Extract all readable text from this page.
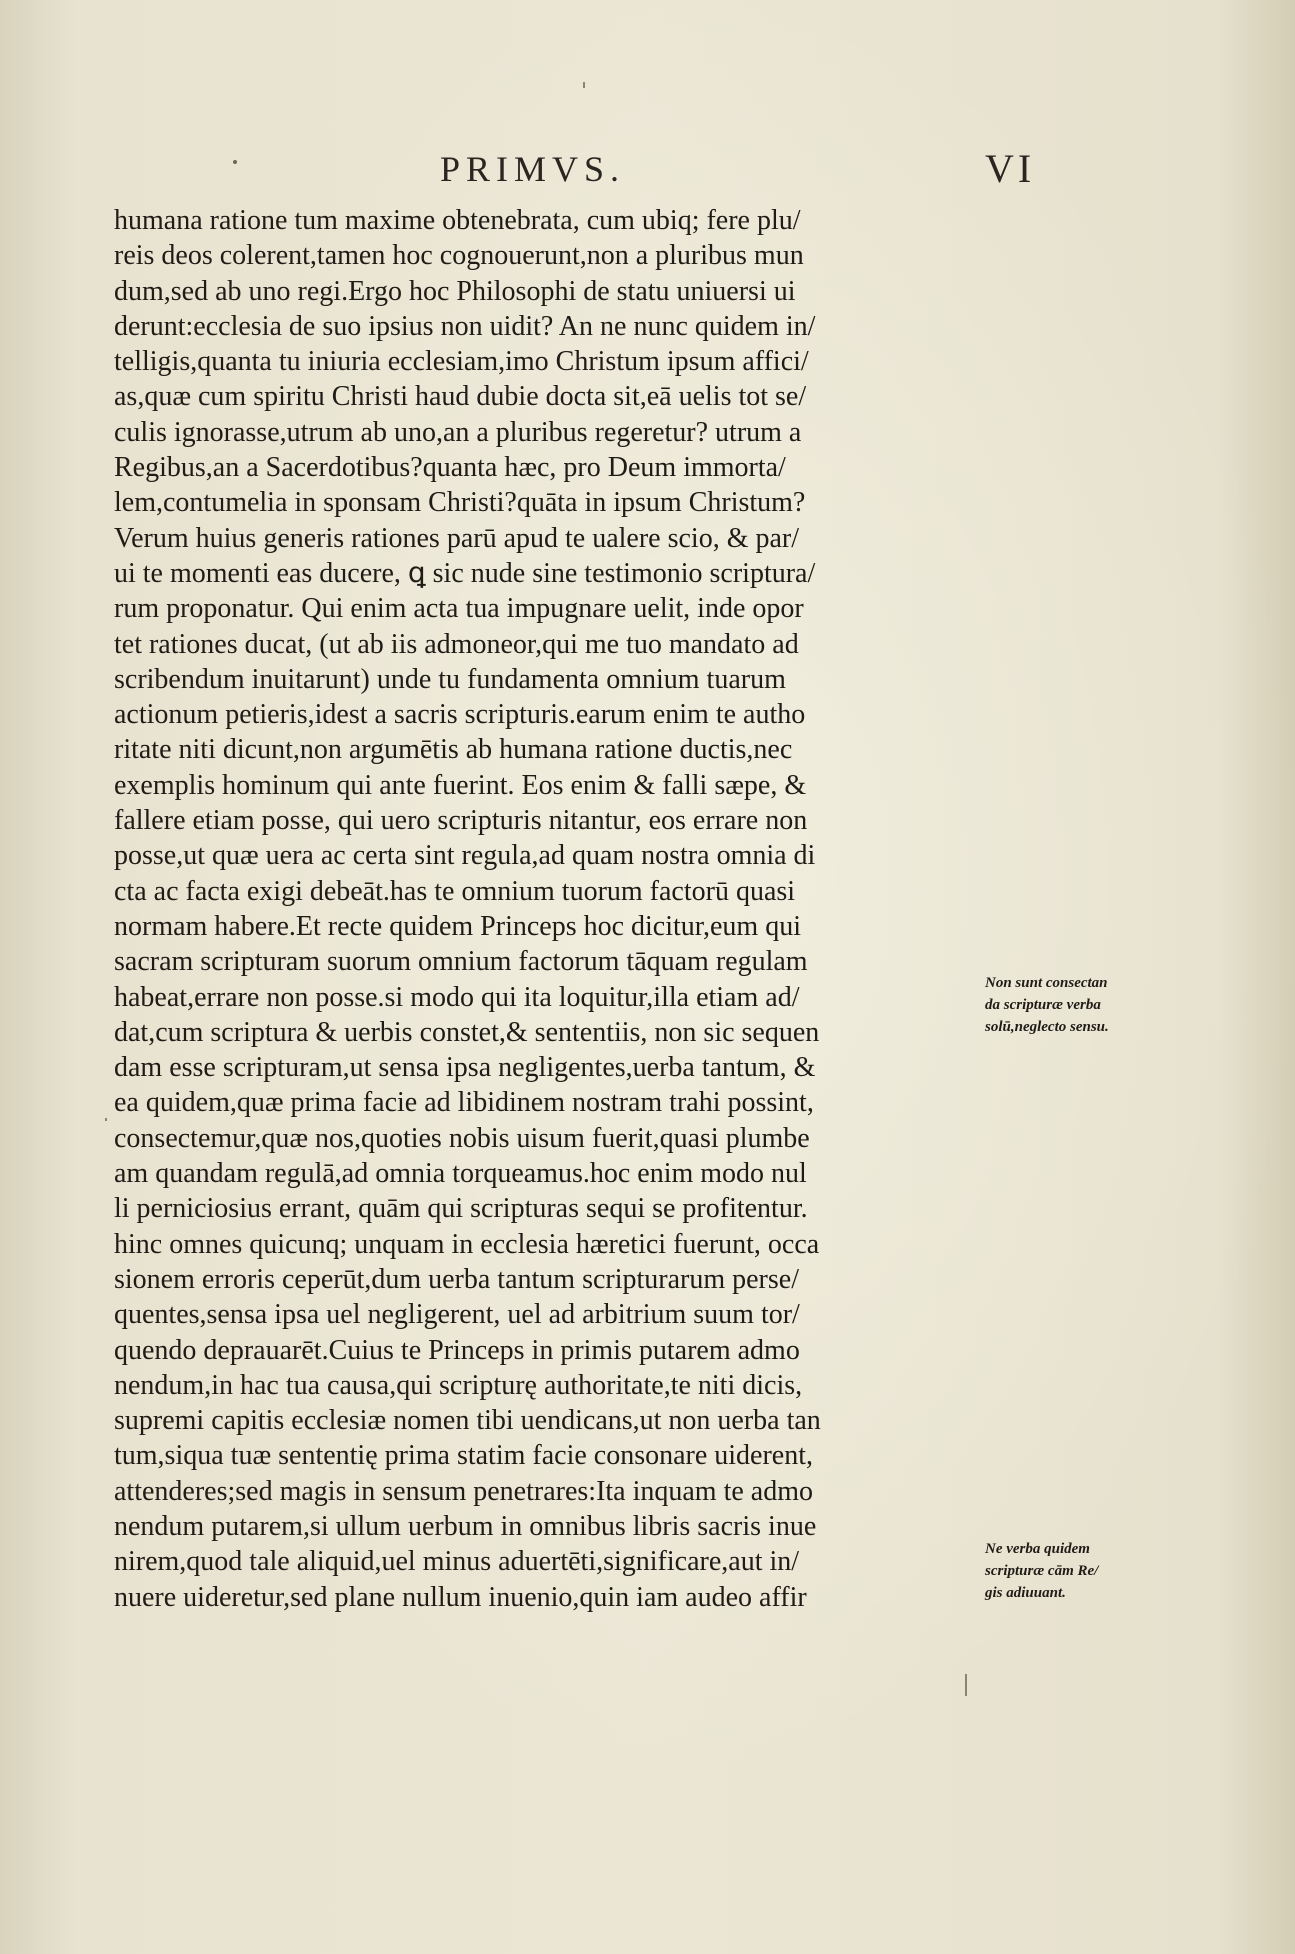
PRIMVS.	VI
humana ratione tum maxime obtenebrata, cum ubiq; fere plu/
reis deos colerent,tamen hoc cognouerunt,non a pluribus mun
dum,sed ab uno regi.Ergo hoc Philosophi de statu uniuersi ui
derunt:ecclesia de suo ipsius non uidit? An ne nunc quidem in/
telligis,quanta tu iniuria ecclesiam,imo Christum ipsum affici/
as,quæ cum spiritu Christi haud dubie docta sit,eā uelis tot se/
culis ignorasse,utrum ab uno,an a pluribus regeretur? utrum a
Regibus,an a Sacerdotibus?quanta hæc, pro Deum immorta/
lem,contumelia in sponsam Christi?quāta in ipsum Christum?
Verum huius generis rationes parū apud te ualere scio, & par/
ui te momenti eas ducere, ꝗ sic nude sine testimonio scriptura/
rum proponatur. Qui enim acta tua impugnare uelit, inde opor
tet rationes ducat, (ut ab iis admoneor,qui me tuo mandato ad
scribendum inuitarunt) unde tu fundamenta omnium tuarum
actionum petieris,idest a sacris scripturis.earum enim te autho
ritate niti dicunt,non argumētis ab humana ratione ductis,nec
exemplis hominum qui ante fuerint. Eos enim & falli sæpe, &
fallere etiam posse, qui uero scripturis nitantur, eos errare non
posse,ut quæ uera ac certa sint regula,ad quam nostra omnia di
cta ac facta exigi debeāt.has te omnium tuorum factorū quasi
normam habere.Et recte quidem Princeps hoc dicitur,eum qui
sacram scripturam suorum omnium factorum tāquam regulam
habeat,errare non posse.si modo qui ita loquitur,illa etiam ad/
dat,cum scriptura & uerbis constet,& sententiis, non sic sequen
dam esse scripturam,ut sensa ipsa negligentes,uerba tantum, &
ea quidem,quæ prima facie ad libidinem nostram trahi possint,
consectemur,quæ nos,quoties nobis uisum fuerit,quasi plumbe
am quandam regulā,ad omnia torqueamus.hoc enim modo nul
li perniciosius errant, quām qui scripturas sequi se profitentur.
hinc omnes quicunq; unquam in ecclesia hæretici fuerunt, occa
sionem erroris ceperūt,dum uerba tantum scripturarum perse/
quentes,sensa ipsa uel negligerent, uel ad arbitrium suum tor/
quendo deprauarēt.Cuius te Princeps in primis putarem admo
nendum,in hac tua causa,qui scripturę authoritate,te niti dicis,
supremi capitis ecclesiæ nomen tibi uendicans,ut non uerba tan
tum,siqua tuæ sententię prima statim facie consonare uiderent,
attenderes;sed magis in sensum penetrares:Ita inquam te admo
nendum putarem,si ullum uerbum in omnibus libris sacris inue
nirem,quod tale aliquid,uel minus aduertēti,significare,aut in/
nuere uideretur,sed plane nullum inuenio,quin iam audeo affir
Non sunt consectan
da scripturæ verba
solū,neglecto sensu.
Ne verba quidem
scripturæ cām Re/
gis adiuuant.
